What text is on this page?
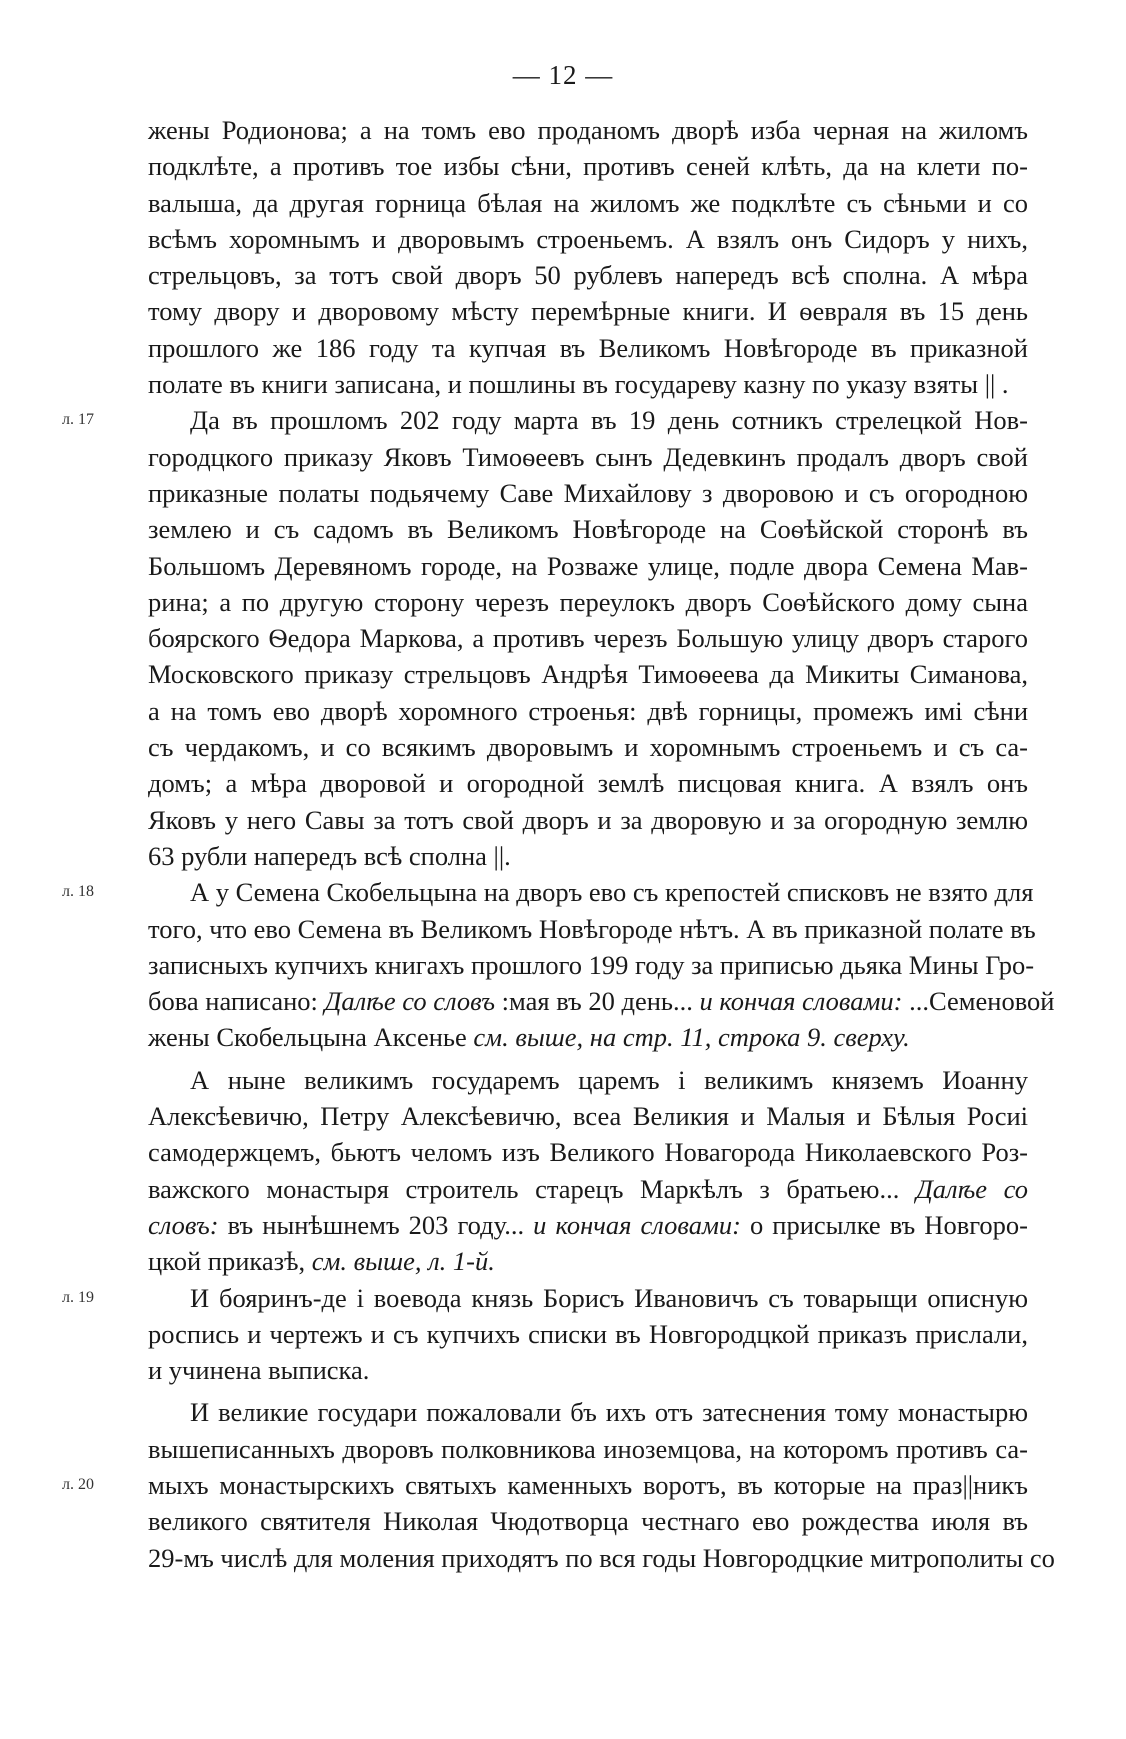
— 12 —
жены Родионова; а на томъ ево проданомъ дворѣ изба черная на жиломъ
подклѣте, а противъ тое избы сѣни, противъ сеней клѣть, да на клети по-
валыша, да другая горница бѣлая на жиломъ же подклѣте съ сѣньми и со
всѣмъ хоромнымъ и дворовымъ строеньемъ. А взялъ онъ Сидоръ у нихъ,
стрельцовъ, за тотъ свой дворъ 50 рублевъ напередъ всѣ сполна. А мѣра
тому двору и дворовому мѣсту перемѣрные книги. И ѳевраля въ 15 день
прошлого же 186 году та купчая въ Великомъ Новѣгороде въ приказной
полате въ книги записана, и пошлины въ государеву казну по указу взяты || .
л. 17	Да въ прошломъ 202 году марта въ 19 день сотникъ стрелецкой Нов-
городцкого приказу Яковъ Тимоѳеевъ сынъ Дедевкинъ продалъ дворъ свой
приказные полаты подьячему Саве Михайлову з дворовою и съ огородною
землею и съ садомъ въ Великомъ Новѣгороде на Соѳѣйской сторонѣ въ
Большомъ Деревяномъ городе, на Розваже улице, подле двора Семена Мав-
рина; а по другую сторону черезъ переулокъ дворъ Соѳѣйского дому сына
боярского Ѳедора Маркова, а противъ черезъ Большую улицу дворъ старого
Московского приказу стрельцовъ Андрѣя Тимоѳеева да Микиты Симанова,
а на томъ ево дворѣ хоромного строенья: двѣ горницы, промежъ имі сѣни
съ чердакомъ, и со всякимъ дворовымъ и хоромнымъ строеньемъ и съ са-
домъ; а мѣра дворовой и огородной землѣ писцовая книга. А взялъ онъ
Яковъ у него Савы за тотъ свой дворъ и за дворовую и за огородную землю
63 рубли напередъ всѣ сполна ||.
л. 18	А у Семена Скобельцына на дворъ ево съ крепостей списковъ не взято для
того, что ево Семена въ Великомъ Новѣгороде нѣтъ. А въ приказной полате въ
записныхъ купчихъ книгахъ прошлого 199 году за приписью дьяка Мины Гро-
бова написано: Далѣе со словъ :мая въ 20 день... и кончая словами: ...Семеновой
жены Скобельцына Аксенье см. выше, на стр. 11, строка 9. сверху.
А ныне великимъ государемъ царемъ і великимъ княземъ Иоанну
Алексѣевичю, Петру Алексѣевичю, всеа Великия и Малыя и Бѣлыя Росиі
самодержцемъ, бьютъ челомъ изъ Великого Новагорода Николаевского Роз-
важского монастыря строитель старецъ Маркѣлъ з братьею... Далѣе со
словъ: въ нынѣшнемъ 203 году... и кончая словами: о присылке въ Новгоро-
цкой приказѣ, см. выше, л. 1-й.
л. 19	И бояринъ-де і воевода князь Борисъ Ивановичъ съ товарыщи описную
роспись и чертежъ и съ купчихъ списки въ Новгородцкой приказъ прислали,
и учинена выписка.
л. 20
И великие государи пожаловали бъ ихъ отъ затеснения тому монастырю
вышеписанныхъ дворовъ полковникова иноземцова, на которомъ противъ са-
мыхъ монастырскихъ святыхъ каменныхъ воротъ, въ которые на праз||никъ
великого святителя Николая Чюдотворца честнаго ево рождества июля въ
29-мъ числѣ для моления приходятъ по вся годы Новгородцкие митрополиты со
